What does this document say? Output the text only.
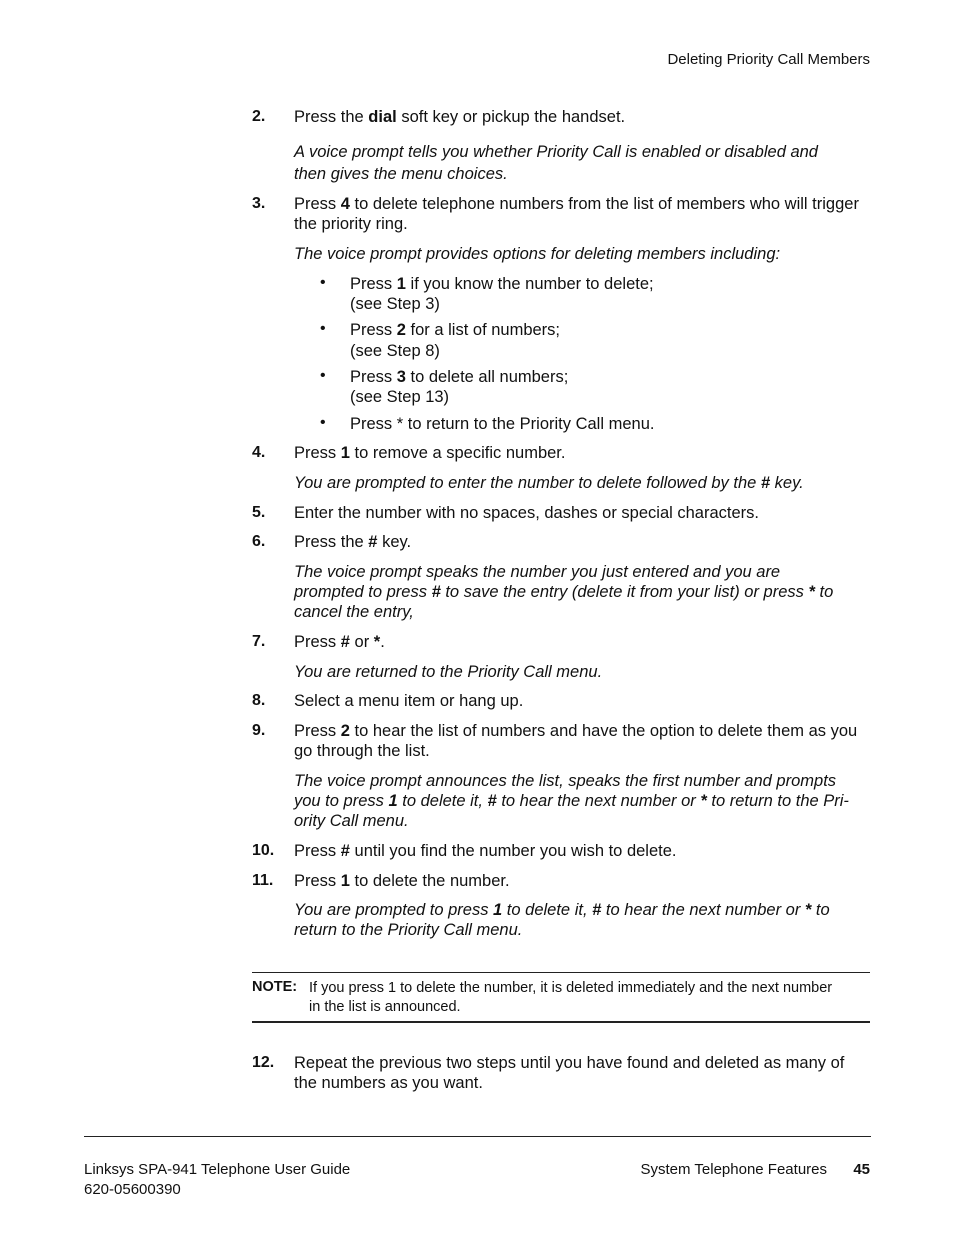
Deleting Priority Call Members
2. Press the dial soft key or pickup the handset.
A voice prompt tells you whether Priority Call is enabled or disabled and
then gives the menu choices.
3. Press 4 to delete telephone numbers from the list of members who will trigger
the priority ring.
The voice prompt provides options for deleting members including:
• Press 1 if you know the number to delete;
(see Step 3)
• Press 2 for a list of numbers;
(see Step 8)
• Press 3 to delete all numbers;
(see Step 13)
• Press * to return to the Priority Call menu.
4. Press 1 to remove a specific number.
You are prompted to enter the number to delete followed by the # key.
5. Enter the number with no spaces, dashes or special characters.
6. Press the # key.
The voice prompt speaks the number you just entered and you are
prompted to press # to save the entry (delete it from your list) or press * to
cancel the entry,
7. Press # or *.
You are returned to the Priority Call menu.
8. Select a menu item or hang up.
9. Press 2 to hear the list of numbers and have the option to delete them as you
go through the list.
The voice prompt announces the list, speaks the first number and prompts
you to press 1 to delete it, # to hear the next number or * to return to the Pri-
ority Call menu.
10. Press # until you find the number you wish to delete.
11. Press 1 to delete the number.
You are prompted to press 1 to delete it, # to hear the next number or * to
return to the Priority Call menu.
NOTE: If you press 1 to delete the number, it is deleted immediately and the next number
in the list is announced.
12. Repeat the previous two steps until you have found and deleted as many of
the numbers as you want.
Linksys SPA-941 Telephone User Guide
620-05600390
System Telephone Features 45
